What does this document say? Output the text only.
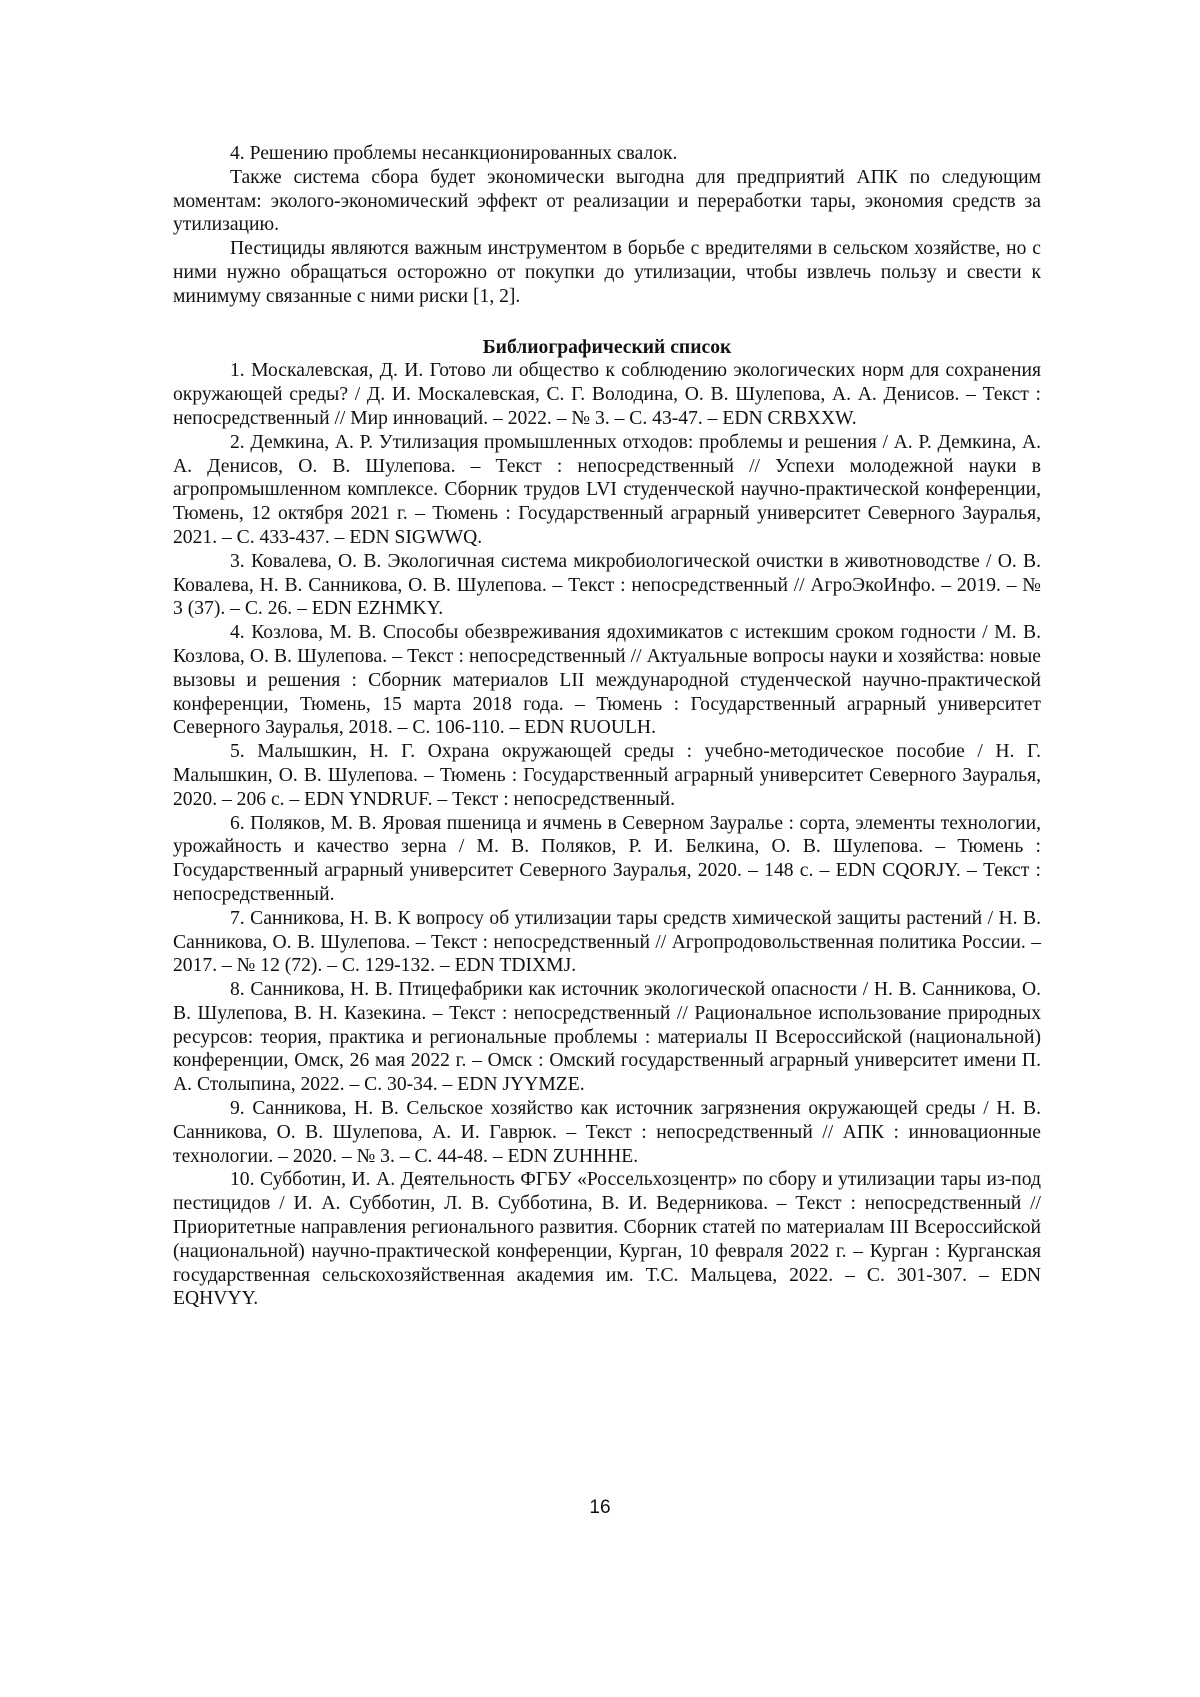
4. Решению проблемы несанкционированных свалок.

Также система сбора будет экономически выгодна для предприятий АПК по следующим моментам: эколого-экономический эффект от реализации и переработки тары, экономия средств за утилизацию.

Пестициды являются важным инструментом в борьбе с вредителями в сельском хозяйстве, но с ними нужно обращаться осторожно от покупки до утилизации, чтобы извлечь пользу и свести к минимуму связанные с ними риски [1, 2].

Библиографический список

1. Москалевская, Д. И. Готово ли общество к соблюдению экологических норм для сохранения окружающей среды? / Д. И. Москалевская, С. Г. Володина, О. В. Шулепова, А. А. Денисов. – Текст : непосредственный // Мир инноваций. – 2022. – № 3. – С. 43-47. – EDN CRBXXW.

2. Демкина, А. Р. Утилизация промышленных отходов: проблемы и решения / А. Р. Демкина, А. А. Денисов, О. В. Шулепова. – Текст : непосредственный // Успехи молодежной науки в агропромышленном комплексе. Сборник трудов LVI студенческой научно-практической конференции, Тюмень, 12 октября 2021 г. – Тюмень : Государственный аграрный университет Северного Зауралья, 2021. – С. 433-437. – EDN SIGWWQ.

3. Ковалева, О. В. Экологичная система микробиологической очистки в животноводстве / О. В. Ковалева, Н. В. Санникова, О. В. Шулепова. – Текст : непосредственный // АгроЭкоИнфо. – 2019. – № 3 (37). – С. 26. – EDN EZHMKY.

4. Козлова, М. В. Способы обезвреживания ядохимикатов с истекшим сроком годности / М. В. Козлова, О. В. Шулепова. – Текст : непосредственный // Актуальные вопросы науки и хозяйства: новые вызовы и решения : Сборник материалов LII международной студенческой научно-практической конференции, Тюмень, 15 марта 2018 года. – Тюмень : Государственный аграрный университет Северного Зауралья, 2018. – С. 106-110. – EDN RUOULH.

5. Малышкин, Н. Г. Охрана окружающей среды : учебно-методическое пособие / Н. Г. Малышкин, О. В. Шулепова. – Тюмень : Государственный аграрный университет Северного Зауралья, 2020. – 206 с. – EDN YNDRUF. – Текст : непосредственный.

6. Поляков, М. В. Яровая пшеница и ячмень в Северном Зауралье : сорта, элементы технологии, урожайность и качество зерна / М. В. Поляков, Р. И. Белкина, О. В. Шулепова. – Тюмень : Государственный аграрный университет Северного Зауралья, 2020. – 148 с. – EDN CQORJY. – Текст : непосредственный.

7. Санникова, Н. В. К вопросу об утилизации тары средств химической защиты растений / Н. В. Санникова, О. В. Шулепова. – Текст : непосредственный // Агропродовольственная политика России. – 2017. – № 12 (72). – С. 129-132. – EDN TDIXMJ.

8. Санникова, Н. В. Птицефабрики как источник экологической опасности / Н. В. Санникова, О. В. Шулепова, В. Н. Казекина. – Текст : непосредственный // Рациональное использование природных ресурсов: теория, практика и региональные проблемы : материалы II Всероссийской (национальной) конференции, Омск, 26 мая 2022 г. – Омск : Омский государственный аграрный университет имени П. А. Столыпина, 2022. – С. 30-34. – EDN JYYMZE.

9. Санникова, Н. В. Сельское хозяйство как источник загрязнения окружающей среды / Н. В. Санникова, О. В. Шулепова, А. И. Гаврюк. – Текст : непосредственный // АПК : инновационные технологии. – 2020. – № 3. – С. 44-48. – EDN ZUHHHE.

10. Субботин, И. А. Деятельность ФГБУ «Россельхозцентр» по сбору и утилизации тары из-под пестицидов / И. А. Субботин, Л. В. Субботина, В. И. Ведерникова. – Текст : непосредственный // Приоритетные направления регионального развития. Сборник статей по материалам III Всероссийской (национальной) научно-практической конференции, Курган, 10 февраля 2022 г. – Курган : Курганская государственная сельскохозяйственная академия им. Т.С. Мальцева, 2022. – С. 301-307. – EDN EQHVYY.

16
